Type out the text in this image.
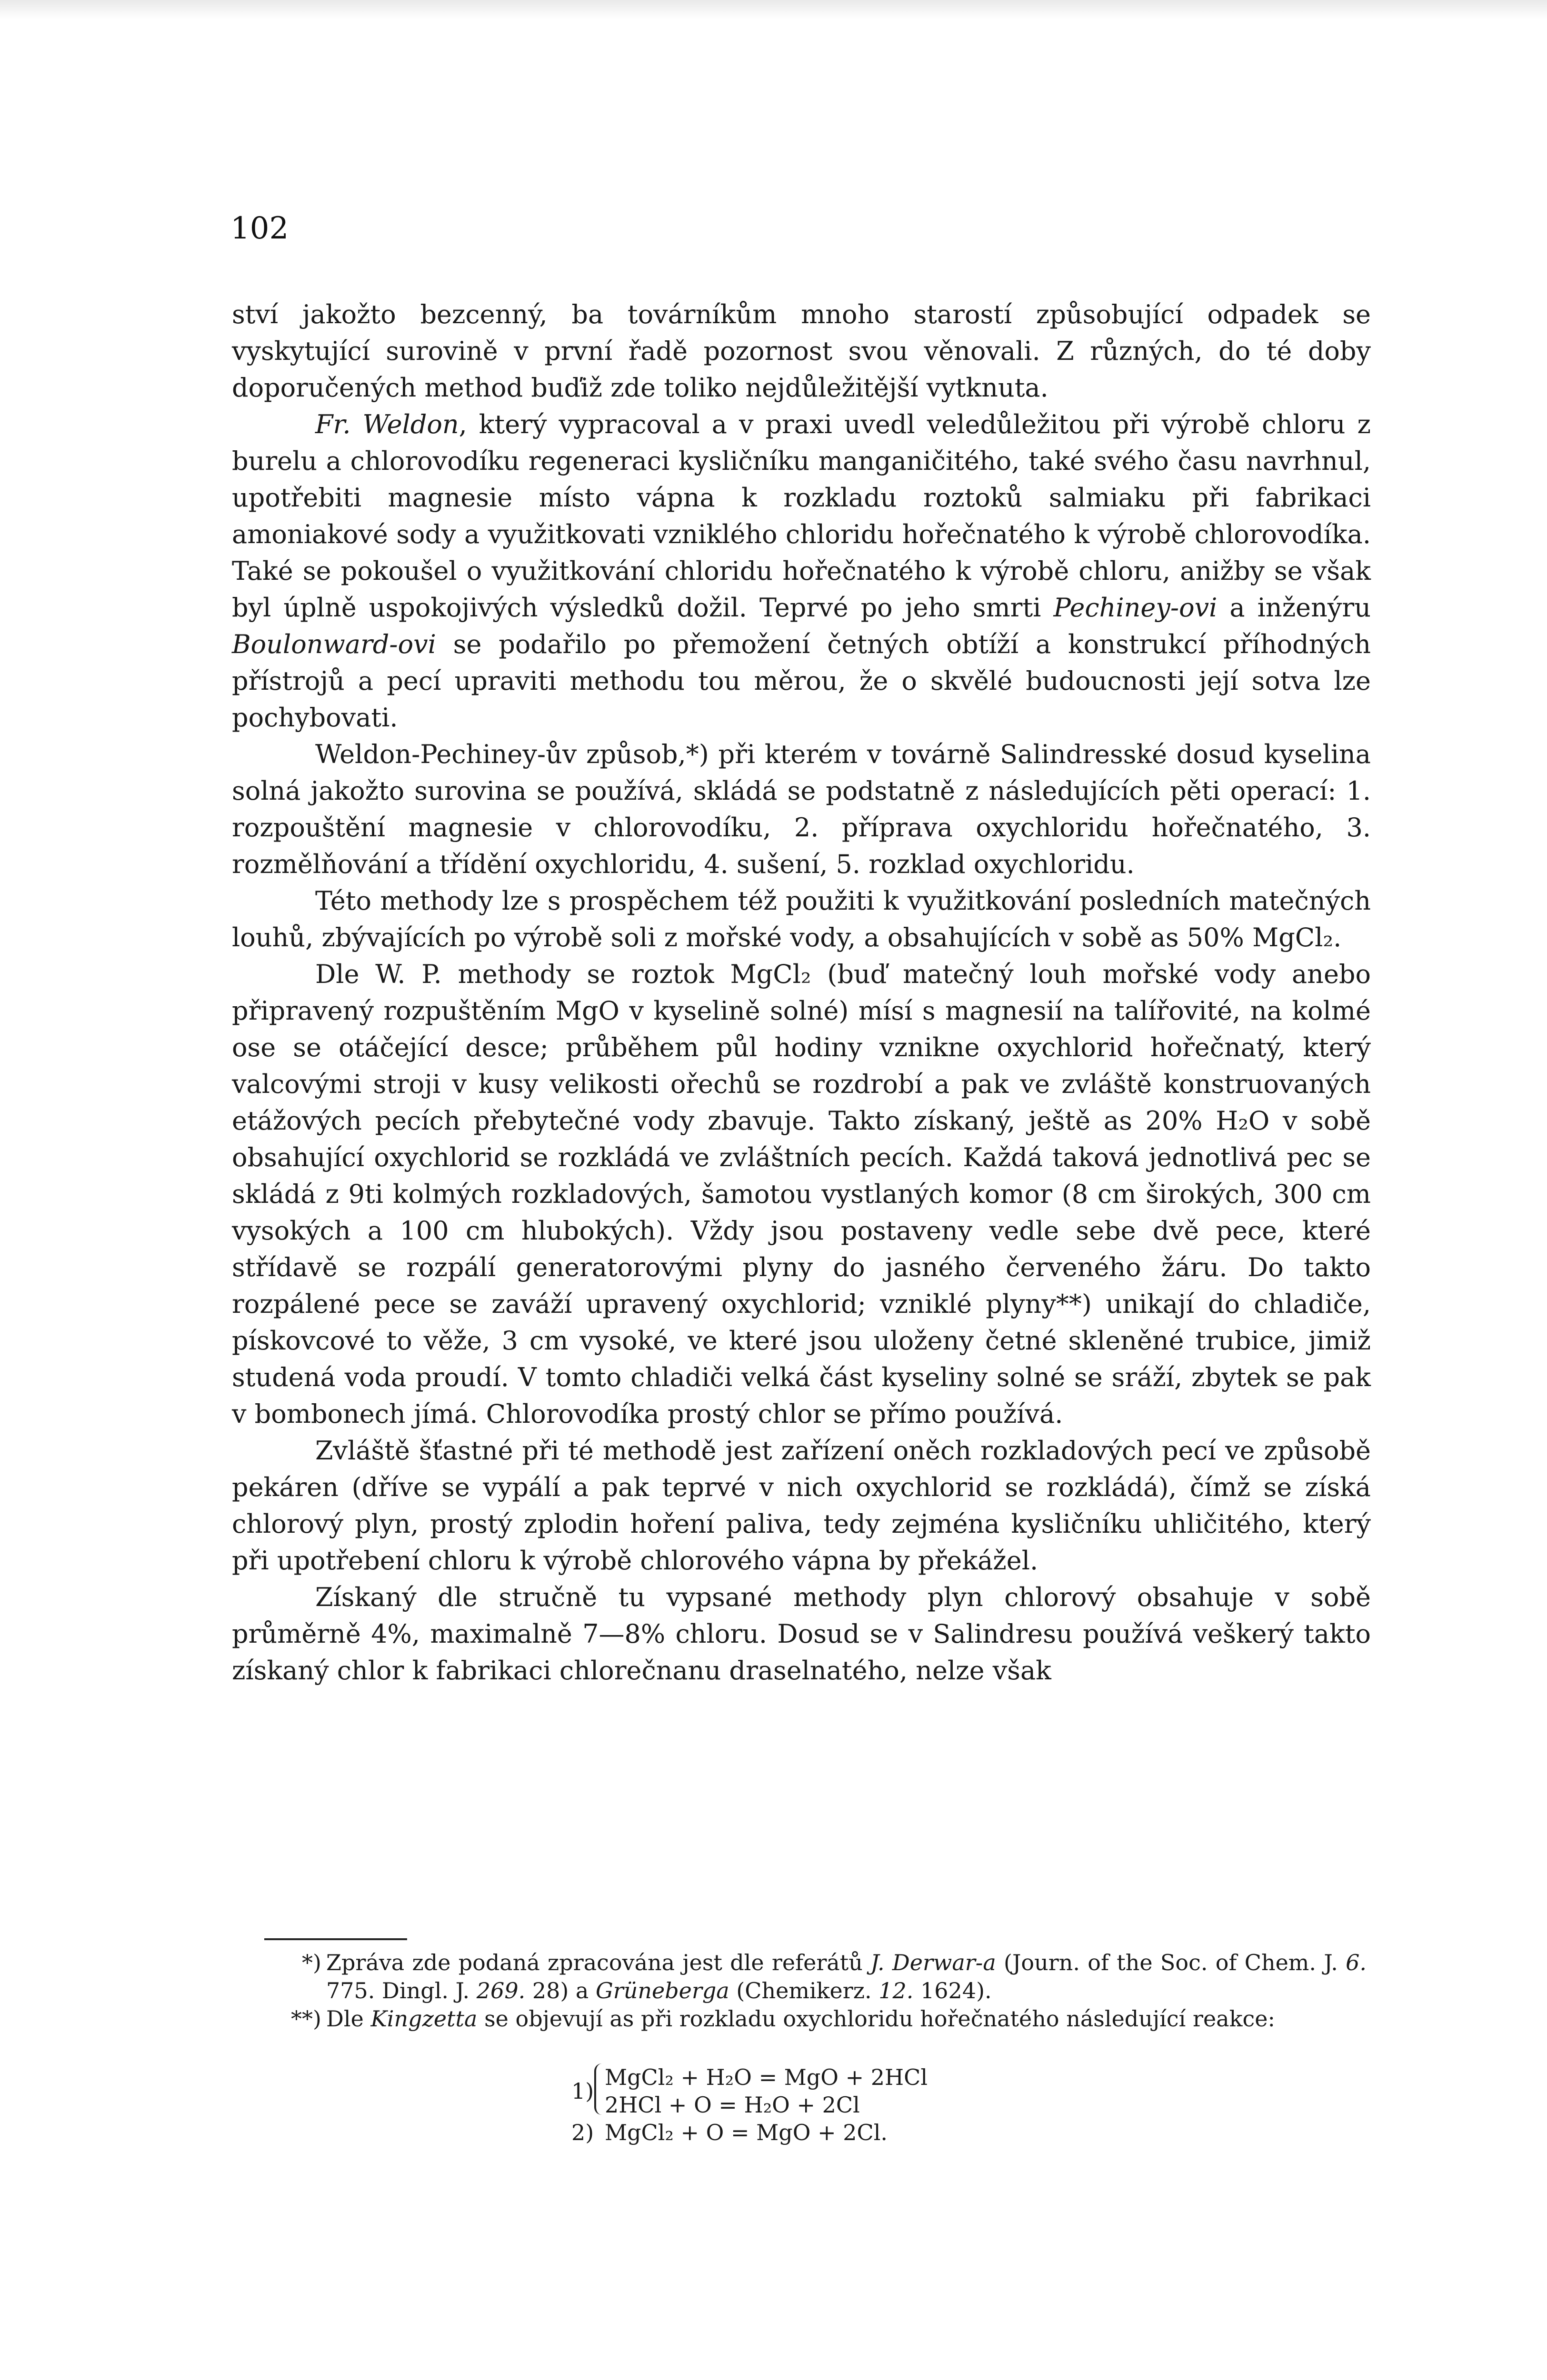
102

ství jakožto bezcenný, ba továrníkům mnoho starostí způsobující odpadek se vyskytující surovině v první řadě pozornost svou věnovali. Z různých, do té doby doporučených method buďiž zde toliko nejdůležitější vytknuta.

Fr. Weldon, který vypracoval a v praxi uvedl veledůležitou při výrobě chloru z burelu a chlorovodíku regeneraci kysličníku manganičitého, také svého času navrhnul, upotřebiti magnesie místo vápna k rozkladu roztoků salmiaku při fabrikaci amoniakové sody a využitkovati vzniklého chloridu hořečnatého k výrobě chlorovodíka. Také se pokoušel o využitkování chloridu hořečnatého k výrobě chloru, anižby se však byl úplně uspokojivých výsledků dožil. Teprvé po jeho smrti Pechiney-ovi a inženýru Boulonward-ovi se podařilo po přemožení četných obtíží a konstrukcí příhodných přístrojů a pecí upraviti methodu tou měrou, že o skvělé budoucnosti její sotva lze pochybovati.

Weldon-Pechiney-ův způsob,*) při kterém v továrně Salindresské dosud kyselina solná jakožto surovina se používá, skládá se podstatně z následujících pěti operací: 1. rozpouštění magnesie v chlorovodíku, 2. příprava oxychloridu hořečnatého, 3. rozmělňování a třídění oxychloridu, 4. sušení, 5. rozklad oxychloridu.

Této methody lze s prospěchem též použiti k využitkování posledních matečných louhů, zbývajících po výrobě soli z mořské vody, a obsahujících v sobě as 50% MgCl₂.

Dle W. P. methody se roztok MgCl₂ (buď matečný louh mořské vody anebo připravený rozpuštěním MgO v kyselině solné) mísí s magnesií na talířovité, na kolmé ose se otáčející desce; průběhem půl hodiny vznikne oxychlorid hořečnatý, který valcovými stroji v kusy velikosti ořechů se rozdrobí a pak ve zvláště konstruovaných etážových pecích přebytečné vody zbavuje. Takto získaný, ještě as 20% H₂O v sobě obsahující oxychlorid se rozkládá ve zvláštních pecích. Každá taková jednotlivá pec se skládá z 9ti kolmých rozkladových, šamotou vystlaných komor (8 cm širokých, 300 cm vysokých a 100 cm hlubokých). Vždy jsou postaveny vedle sebe dvě pece, které střídavě se rozpálí generatorovými plyny do jasného červeného žáru. Do takto rozpálené pece se zaváží upravený oxychlorid; vzniklé plyny**) unikají do chladiče, pískovcové to věže, 3 cm vysoké, ve které jsou uloženy četné skleněné trubice, jimiž studená voda proudí. V tomto chladiči velká část kyseliny solné se sráží, zbytek se pak v bombonech jímá. Chlorovodíka prostý chlor se přímo používá.

Zvláště šťastné při té methodě jest zařízení oněch rozkladových pecí ve způsobě pekáren (dříve se vypálí a pak teprvé v nich oxychlorid se rozkládá), čímž se získá chlorový plyn, prostý zplodin hoření paliva, tedy zejména kysličníku uhličitého, který při upotřebení chloru k výrobě chlorového vápna by překážel.

Získaný dle stručně tu vypsané methody plyn chlorový obsahuje v sobě průměrně 4%, maximalně 7—8% chloru. Dosud se v Salindresu používá veškerý takto získaný chlor k fabrikaci chlorečnanu draselnatého, nelze však

*) Zpráva zde podaná zpracována jest dle referátů J. Derwar-a (Journ. of the Soc. of Chem. J. 6. 775. Dingl. J. 269. 28) a Grüneberga (Chemikerz. 12. 1624).

**) Dle Kingzetta se objevují as při rozkladu oxychloridu hořečnatého následující reakce:

1)
MgCl₂ + H₂O = MgO + 2HCl
2HCl + O = H₂O + 2Cl
2) MgCl₂ + O = MgO + 2Cl.
